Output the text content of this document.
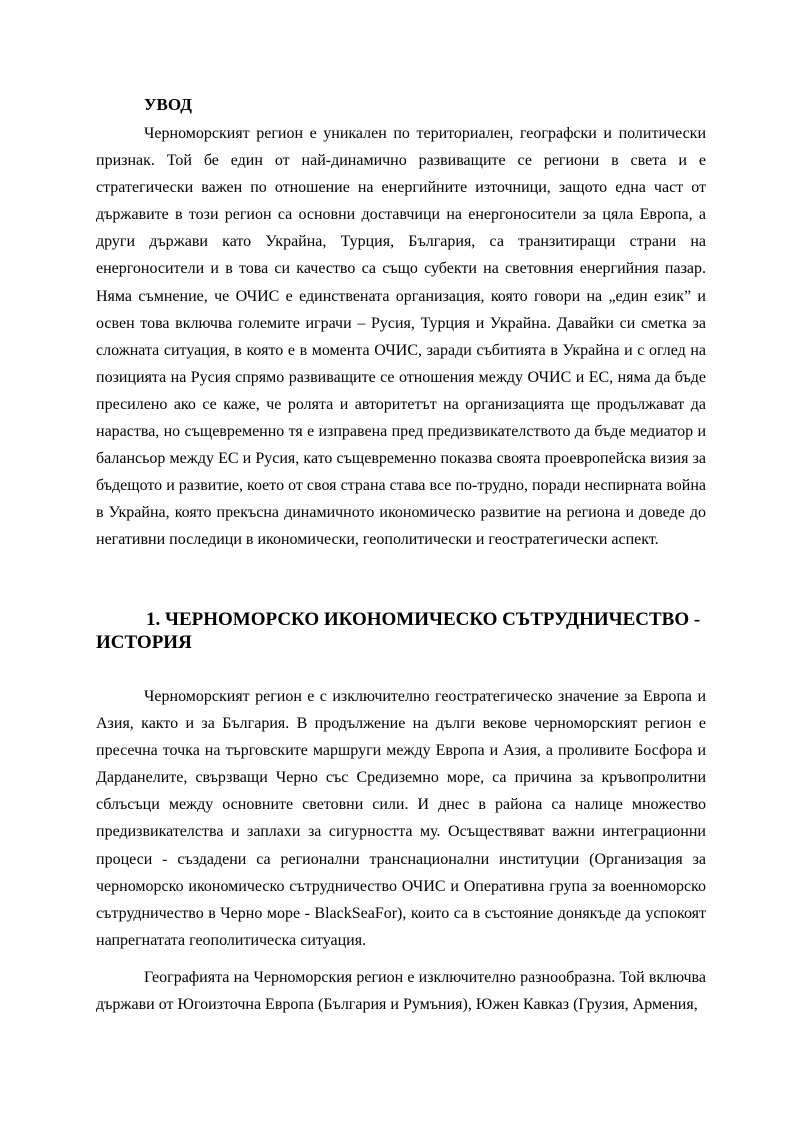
УВОД

Черноморският регион е уникален по териториален, географски и политически признак. Той бе един от най-динамично развиващите се региони в света и е стратегически важен по отношение на енергийните източници, защото една част от държавите в този регион са основни доставчици на енергоносители за цяла Европа, а други държави като Украйна, Турция, България, са транзитиращи страни на енергоносители и в това си качество са също субекти на световния енергийния пазар. Няма съмнение, че ОЧИС е единствената организация, която говори на „един език” и освен това включва големите играчи – Русия, Турция и Украйна. Давайки си сметка за сложната ситуация, в която е в момента ОЧИС, заради събитията в Украйна и с оглед на позицията на Русия спрямо развиващите се отношения между ОЧИС и ЕС, няма да бъде пресилено ако се каже, че ролята и авторитетът на организацията ще продължават да нараства, но същевременно тя е изправена пред предизвикателството да бъде медиатор и балансьор между ЕС и Русия, като същевременно показва своята проевропейска визия за бъдещото и развитие, което от своя страна става все по-трудно, поради неспирната война в Украйна, която прекъсна динамичното икономическо развитие на региона и доведе до негативни последици в икономически, геополитически и геостратегически аспект.

1. ЧЕРНОМОРСКО ИКОНОМИЧЕСКО СЪТРУДНИЧЕСТВО - ИСТОРИЯ

Черноморският регион е с изключително геостратегическо значение за Европа и Азия, както и за България. В продължение на дълги векове черноморският регион е пресечна точка на търговските маршруги между Европа и Азия, а проливите Босфора и Дарданелите, свързващи Черно със Средиземно море, са причина за кръвопролитни сблъсъци между основните световни сили. И днес в района са налице множество предизвикателства и заплахи за сигурността му. Осъществяват важни интеграционни процеси - създадени са регионални транснационални институции (Организация за черноморско икономическо сътрудничество ОЧИС и Оперативна група за военноморско сътрудничество в Черно море - BlackSeaFor), които са в състояние донякъде да успокоят напрегнатата геополитическа ситуация.

Географията на Черноморския регион е изключително разнообразна. Той включва държави от Югоизточна Европа (България и Румъния), Южен Кавказ (Грузия, Армения,
